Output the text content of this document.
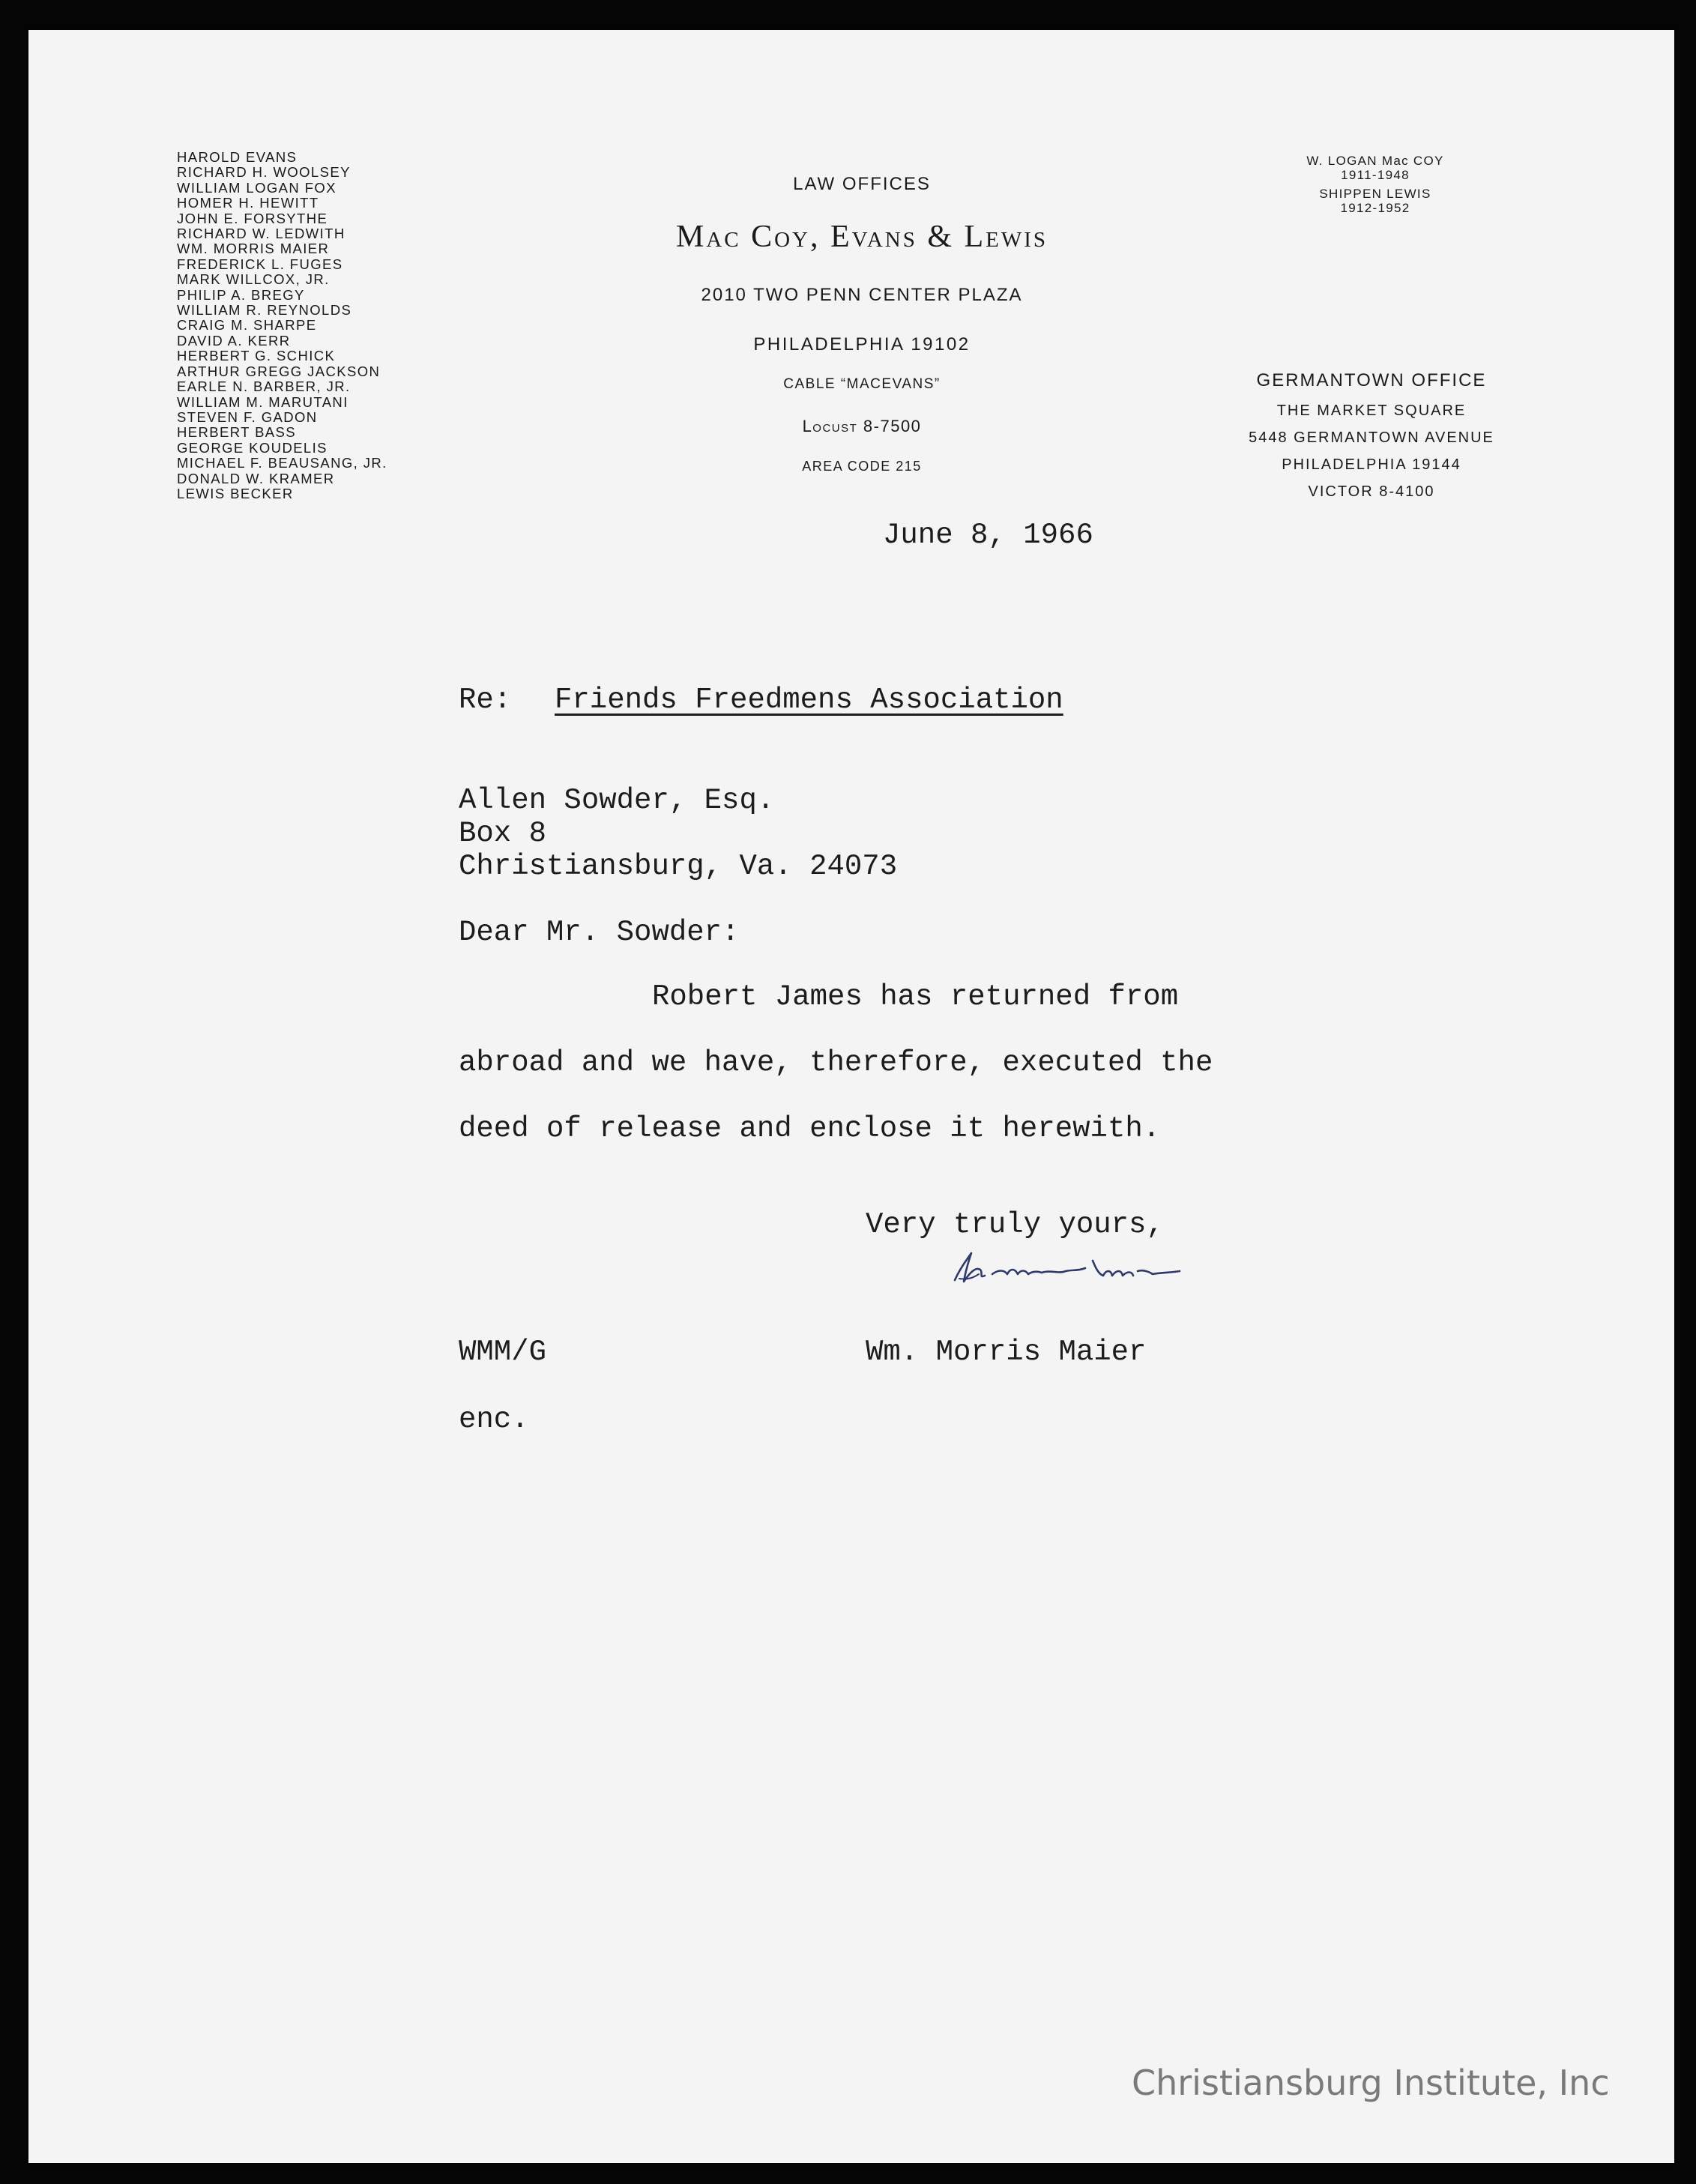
HAROLD EVANS
RICHARD H. WOOLSEY
WILLIAM LOGAN FOX
HOMER H. HEWITT
JOHN E. FORSYTHE
RICHARD W. LEDWITH
WM. MORRIS MAIER
FREDERICK L. FUGES
MARK WILLCOX, JR.
PHILIP A. BREGY
WILLIAM R. REYNOLDS
CRAIG M. SHARPE
DAVID A. KERR
HERBERT G. SCHICK
ARTHUR GREGG JACKSON
EARLE N. BARBER, JR.
WILLIAM M. MARUTANI
STEVEN F. GADON
HERBERT BASS
GEORGE KOUDELIS
MICHAEL F. BEAUSANG, JR.
DONALD W. KRAMER
LEWIS BECKER
LAW OFFICES
Mac Coy, Evans & Lewis
2010 TWO PENN CENTER PLAZA
PHILADELPHIA 19102
CABLE “MACEVANS”
Locust 8-7500
AREA CODE 215
W. LOGAN Mac COY
1911-1948
SHIPPEN LEWIS
1912-1952
GERMANTOWN OFFICE
THE MARKET SQUARE
5448 GERMANTOWN AVENUE
PHILADELPHIA 19144
VICTOR 8-4100
June 8, 1966
Re: Friends Freedmens Association
Allen Sowder, Esq.
Box 8
Christiansburg, Va. 24073
Dear Mr. Sowder:
Robert James has returned from
abroad and we have, therefore, executed the
deed of release and enclose it herewith.
Very truly yours,
WMM/G	Wm. Morris Maier
enc.
Christiansburg Institute, Inc
